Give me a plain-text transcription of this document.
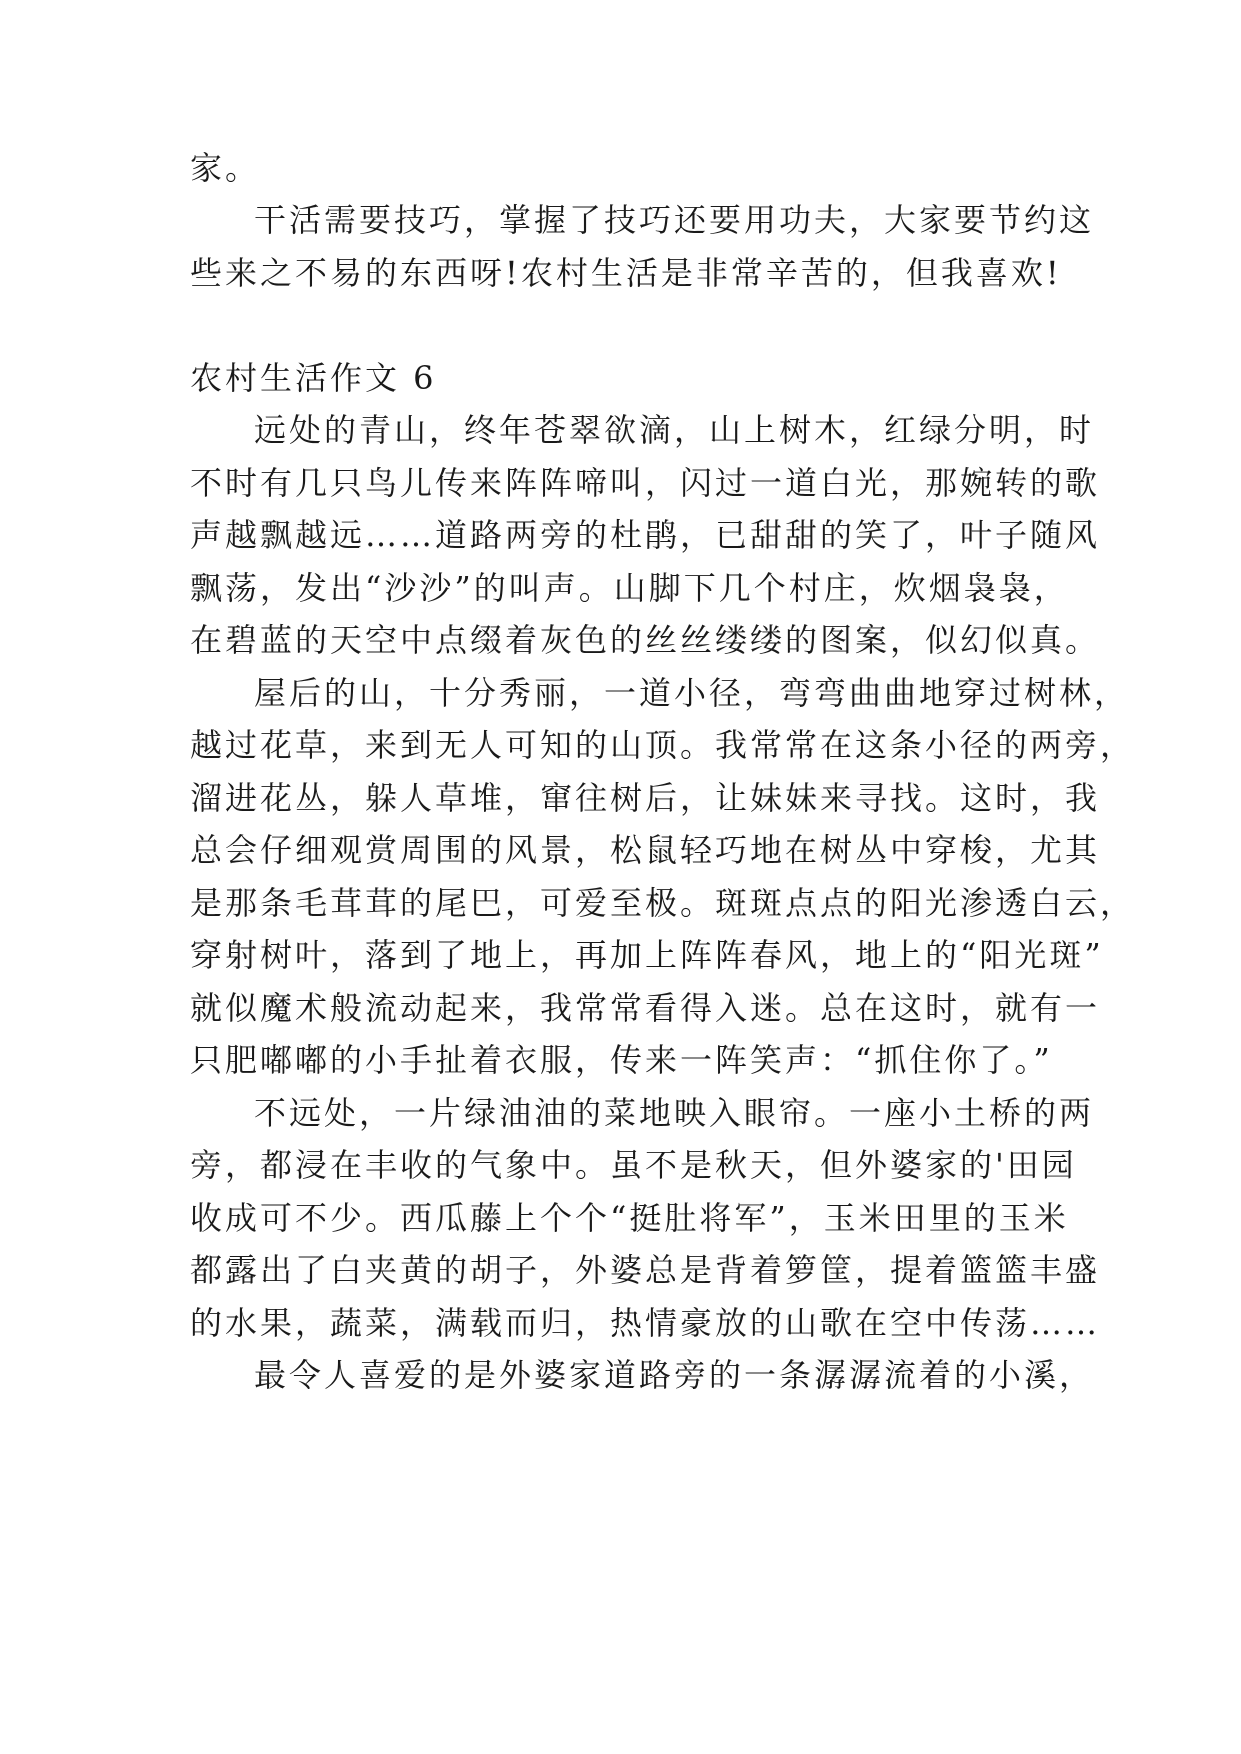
家。
干活需要技巧，掌握了技巧还要用功夫，大家要节约这
些来之不易的东西呀!农村生活是非常辛苦的，但我喜欢!
农村生活作文 6
远处的青山，终年苍翠欲滴，山上树木，红绿分明，时
不时有几只鸟儿传来阵阵啼叫，闪过一道白光，那婉转的歌
声越飘越远……道路两旁的杜鹃，已甜甜的笑了，叶子随风
飘荡，发出“沙沙”的叫声。山脚下几个村庄，炊烟袅袅，
在碧蓝的天空中点缀着灰色的丝丝缕缕的图案，似幻似真。
屋后的山，十分秀丽，一道小径，弯弯曲曲地穿过树林，
越过花草，来到无人可知的山顶。我常常在这条小径的两旁，
溜进花丛，躲人草堆，窜往树后，让妹妹来寻找。这时，我
总会仔细观赏周围的风景，松鼠轻巧地在树丛中穿梭，尤其
是那条毛茸茸的尾巴，可爱至极。斑斑点点的阳光渗透白云，
穿射树叶，落到了地上，再加上阵阵春风，地上的“阳光斑”
就似魔术般流动起来，我常常看得入迷。总在这时，就有一
只肥嘟嘟的小手扯着衣服，传来一阵笑声：“抓住你了。”
不远处，一片绿油油的菜地映入眼帘。一座小土桥的两
旁，都浸在丰收的气象中。虽不是秋天，但外婆家的'田园
收成可不少。西瓜藤上个个“挺肚将军”，玉米田里的玉米
都露出了白夹黄的胡子，外婆总是背着箩筐，提着篮篮丰盛
的水果，蔬菜，满载而归，热情豪放的山歌在空中传荡……
最令人喜爱的是外婆家道路旁的一条潺潺流着的小溪，
